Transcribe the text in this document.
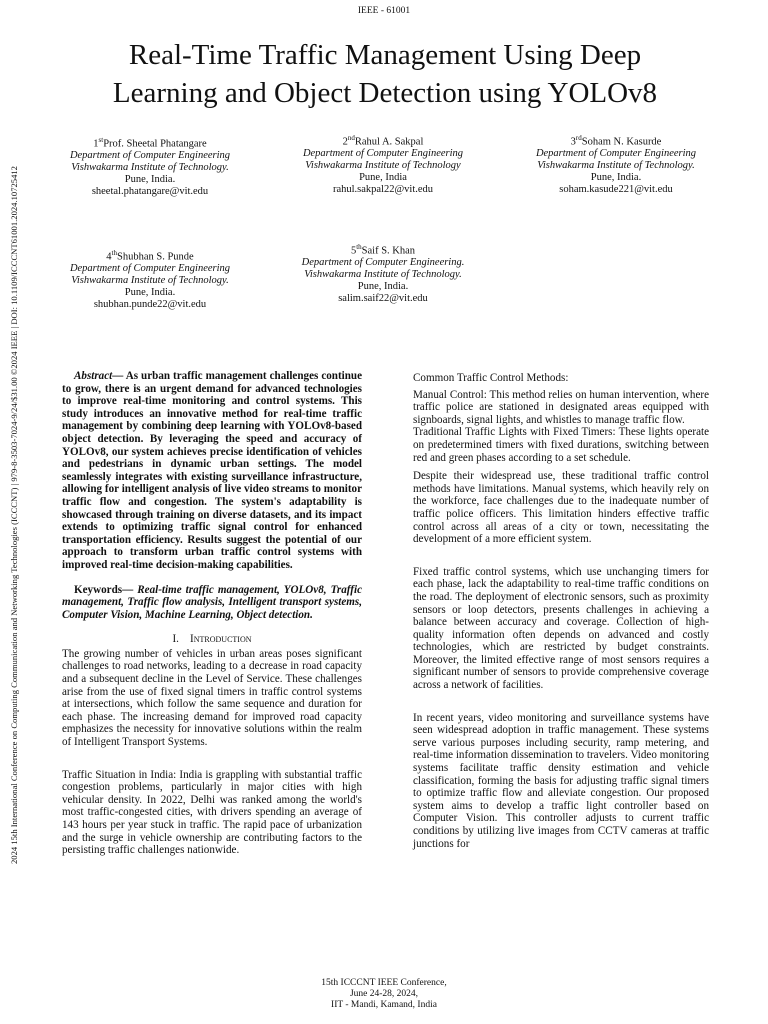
IEEE - 61001
2024 15th International Conference on Computing Communication and Networking Technologies (ICCCNT) | 979-8-3503-7024-9/24/$31.00 ©2024 IEEE | DOI: 10.1109/ICCCNT61001.2024.10725412
Real-Time Traffic Management Using Deep
Learning and Object Detection using YOLOv8
1stProf. Sheetal Phatangare
Department of Computer Engineering
Vishwakarma Institute of Technology.
Pune, India.
sheetal.phatangare@vit.edu
2ndRahul A. Sakpal
Department of Computer Engineering
Vishwakarma Institute of Technology
Pune, India
rahul.sakpal22@vit.edu
3rdSoham N. Kasurde
Department of Computer Engineering
Vishwakarma Institute of Technology.
Pune, India.
soham.kasude221@vit.edu
4thShubhan S. Punde
Department of Computer Engineering
Vishwakarma Institute of Technology.
Pune, India.
shubhan.punde22@vit.edu
5thSaif S. Khan
Department of Computer Engineering.
Vishwakarma Institute of Technology.
Pune, India.
salim.saif22@vit.edu

Abstract— As urban traffic management challenges continue to grow, there is an urgent demand for advanced technologies to improve real-time monitoring and control systems. This study introduces an innovative method for real-time traffic management by combining deep learning with YOLOv8-based object detection. By leveraging the speed and accuracy of YOLOv8, our system achieves precise identification of vehicles and pedestrians in dynamic urban settings. The model seamlessly integrates with existing surveillance infrastructure, allowing for intelligent analysis of live video streams to monitor traffic flow and congestion. The system's adaptability is showcased through training on diverse datasets, and its impact extends to optimizing traffic signal control for enhanced transportation efficiency. Results suggest the potential of our approach to transform urban traffic control systems with improved real-time decision-making capabilities.

Keywords— Real-time traffic management, YOLOv8, Traffic management, Traffic flow analysis, Intelligent transport systems, Computer Vision, Machine Learning, Object detection.

I. Introduction

The growing number of vehicles in urban areas poses significant challenges to road networks, leading to a decrease in road capacity and a subsequent decline in the Level of Service. These challenges arise from the use of fixed signal timers in traffic control systems at intersections, which follow the same sequence and duration for each phase. The increasing demand for improved road capacity emphasizes the necessity for innovative solutions within the realm of Intelligent Transport Systems.

Traffic Situation in India: India is grappling with substantial traffic congestion problems, particularly in major cities with high vehicular density. In 2022, Delhi was ranked among the world's most traffic-congested cities, with drivers spending an average of 143 hours per year stuck in traffic. The rapid pace of urbanization and the surge in vehicle ownership are contributing factors to the persisting traffic challenges nationwide.

Common Traffic Control Methods:

Manual Control: This method relies on human intervention, where traffic police are stationed in designated areas equipped with signboards, signal lights, and whistles to manage traffic flow.

Traditional Traffic Lights with Fixed Timers: These lights operate on predetermined timers with fixed durations, switching between red and green phases according to a set schedule.

Despite their widespread use, these traditional traffic control methods have limitations. Manual systems, which heavily rely on the workforce, face challenges due to the inadequate number of traffic police officers. This limitation hinders effective traffic control across all areas of a city or town, necessitating the development of a more efficient system.

Fixed traffic control systems, which use unchanging timers for each phase, lack the adaptability to real-time traffic conditions on the road. The deployment of electronic sensors, such as proximity sensors or loop detectors, presents challenges in achieving a balance between accuracy and coverage. Collection of high-quality information often depends on advanced and costly technologies, which are restricted by budget constraints. Moreover, the limited effective range of most sensors requires a significant number of sensors to provide comprehensive coverage across a network of facilities.

In recent years, video monitoring and surveillance systems have seen widespread adoption in traffic management. These systems serve various purposes including security, ramp metering, and real-time information dissemination to travelers. Video monitoring systems facilitate traffic density estimation and vehicle classification, forming the basis for adjusting traffic signal timers to optimize traffic flow and alleviate congestion. Our proposed system aims to develop a traffic light controller based on Computer Vision. This controller adjusts to current traffic conditions by utilizing live images from CCTV cameras at traffic junctions for

15th ICCCNT IEEE Conference,
June 24-28, 2024,
IIT - Mandi, Kamand, India
